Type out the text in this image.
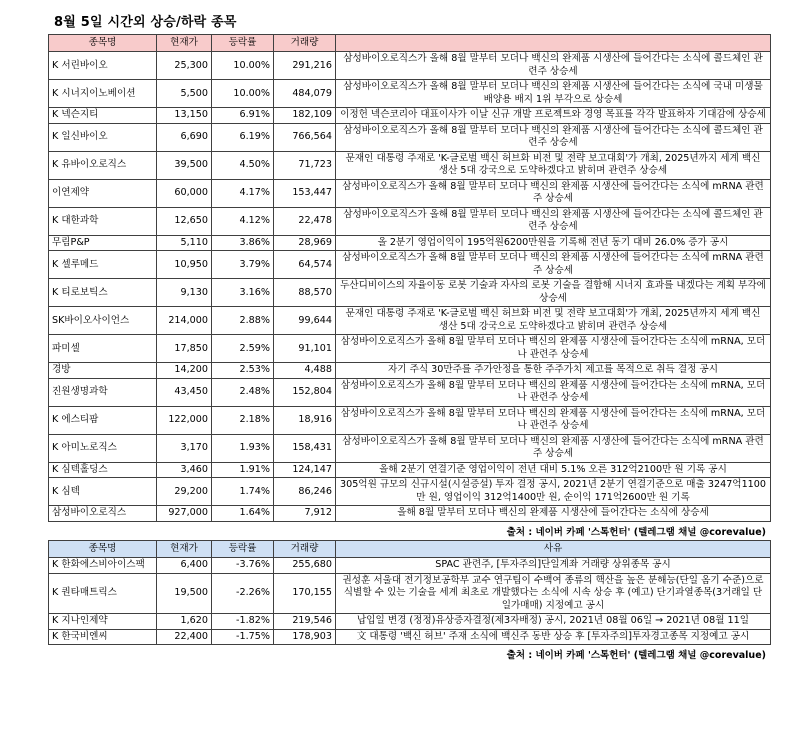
8월 5일 시간외 상승/하락 종목
종목명	현재가	등락률	거래량	
K 서린바이오	25,300	10.00%	291,216	삼성바이오로직스가 올해 8월 말부터 모더나 백신의 완제품 시생산에 들어간다는 소식에 콜드체인 관련주 상승세
K 시너지이노베이션	5,500	10.00%	484,079	삼성바이오로직스가 올해 8월 말부터 모더나 백신의 완제품 시생산에 들어간다는 소식에 국내 미생물 배양용 배지 1위 부각으로 상승세
K 넥슨지티	13,150	6.91%	182,109	이정헌 넥슨코리아 대표이사가 이날 신규 개발 프로젝트와 경영 목표를 각각 발표하자 기대감에 상승세
K 일신바이오	6,690	6.19%	766,564	삼성바이오로직스가 올해 8월 말부터 모더나 백신의 완제품 시생산에 들어간다는 소식에 콜드체인 관련주 상승세
K 유바이오로직스	39,500	4.50%	71,723	문재인 대통령 주재로 'K-글로벌 백신 허브화 비전 및 전략 보고대회'가 개최, 2025년까지 세계 백신 생산 5대 강국으로 도약하겠다고 밝히며 관련주 상승세
이연제약	60,000	4.17%	153,447	삼성바이오로직스가 올해 8월 말부터 모더나 백신의 완제품 시생산에 들어간다는 소식에 mRNA 관련주 상승세
K 대한과학	12,650	4.12%	22,478	삼성바이오로직스가 올해 8월 말부터 모더나 백신의 완제품 시생산에 들어간다는 소식에 콜드체인 관련주 상승세
무림P&P	5,110	3.86%	28,969	올 2분기 영업이익이 195억원6200만원을 기록해 전년 동기 대비 26.0% 증가 공시
K 셀루메드	10,950	3.79%	64,574	삼성바이오로직스가 올해 8월 말부터 모더나 백신의 완제품 시생산에 들어간다는 소식에 mRNA 관련주 상승세
K 티로보틱스	9,130	3.16%	88,570	두산디비이스의 자율이동 로봇 기술과 자사의 로봇 기술을 결합해 시너지 효과를 내겠다는 계획 부각에 상승세
SK바이오사이언스	214,000	2.88%	99,644	문재인 대통령 주재로 'K-글로벌 백신 허브화 비전 및 전략 보고대회'가 개최, 2025년까지 세계 백신 생산 5대 강국으로 도약하겠다고 밝히며 관련주 상승세
파미셀	17,850	2.59%	91,101	삼성바이오로직스가 올해 8월 말부터 모더나 백신의 완제품 시생산에 들어간다는 소식에 mRNA, 모더나 관련주 상승세
경방	14,200	2.53%	4,488	자기 주식 30만주를 주가안정을 통한 주주가치 제고를 목적으로 취득 결정 공시
진원생명과학	43,450	2.48%	152,804	삼성바이오로직스가 올해 8월 말부터 모더나 백신의 완제품 시생산에 들어간다는 소식에 mRNA, 모더나 관련주 상승세
K 에스티팜	122,000	2.18%	18,916	삼성바이오로직스가 올해 8월 말부터 모더나 백신의 완제품 시생산에 들어간다는 소식에 mRNA, 모더나 관련주 상승세
K 아미노로직스	3,170	1.93%	158,431	삼성바이오로직스가 올해 8월 말부터 모더나 백신의 완제품 시생산에 들어간다는 소식에 mRNA 관련주 상승세
K 심텍홀딩스	3,460	1.91%	124,147	올해 2분기 연결기준 영업이익이 전년 대비 5.1% 오른 312억2100만 원 기록 공시
K 심텍	29,200	1.74%	86,246	305억원 규모의 신규시설(시설증설) 투자 결정 공시, 2021년 2분기 연결기준으로 매출 3247억1100만 원, 영업이익 312억1400만 원, 순이익 171억2600만 원 기록
삼성바이오로직스	927,000	1.64%	7,912	올해 8월 말부터 모더나 백신의 완제품 시생산에 들어간다는 소식에 상승세
출처 : 네이버 카페 '스톡헌터' (텔레그램 채널 @corevalue)
종목명	현재가	등락률	거래량	사유
K 한화에스비아이스팩	6,400	-3.76%	255,680	SPAC 관련주, [투자주의]단일계좌 거래량 상위종목 공시
K 퀀타매트릭스	19,500	-2.26%	170,155	권성훈 서울대 전기정보공학부 교수 연구팀이 수백여 종류의 핵산을 높은 분해능(단일 옴기 수준)으로 식별할 수 있는 기술을 세계 최초로 개발했다는 소식에 시속 상승 후 (예고) 단기과열종목(3거래일 단일가매매) 지정예고 공시
K 지나인제약	1,620	-1.82%	219,546	납입일 변경 (정정)유상증자결정(제3자배정) 공시, 2021년 08월 06일 → 2021년 08월 11일
K 한국비엔씨	22,400	-1.75%	178,903	文 대통령 '백신 허브' 주재 소식에 백신주 동반 상승 후 [투자주의]투자경고종목 지정예고 공시
출처 : 네이버 카페 '스톡헌터' (텔레그램 채널 @corevalue)
